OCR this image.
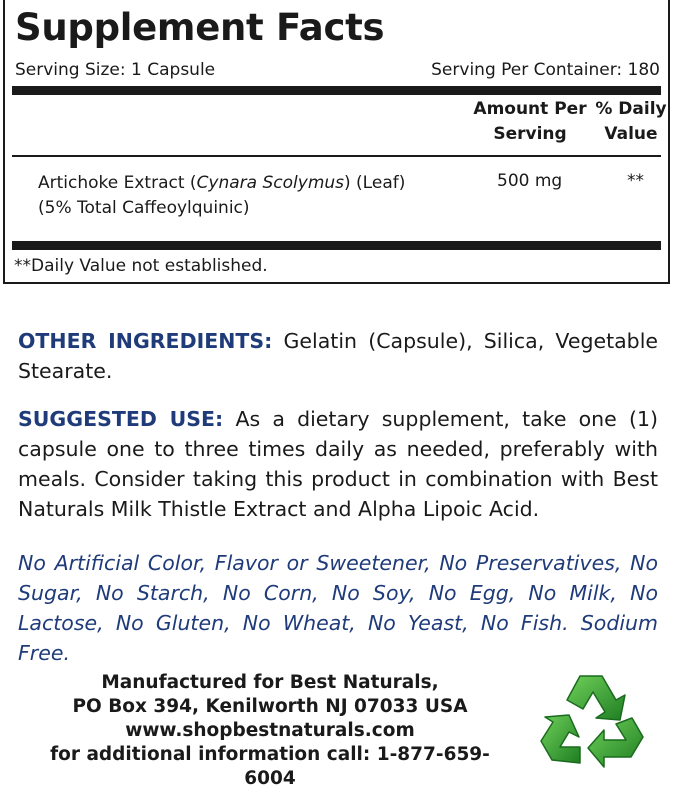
Supplement Facts
Serving Size: 1 Capsule	Serving Per Container: 180
Amount Per
Serving
% Daily
Value
Artichoke Extract (Cynara Scolymus) (Leaf)
(5% Total Caffeoylquinic)
500 mg	**
**Daily Value not established.
OTHER INGREDIENTS: Gelatin (Capsule), Silica, Vegetable Stearate.
SUGGESTED USE: As a dietary supplement, take one (1) capsule one to three times daily as needed, preferably with meals. Consider taking this product in combination with Best Naturals Milk Thistle Extract and Alpha Lipoic Acid.
No Artificial Color, Flavor or Sweetener, No Preservatives, No Sugar, No Starch, No Corn, No Soy, No Egg, No Milk, No Lactose, No Gluten, No Wheat, No Yeast, No Fish. Sodium Free.
Manufactured for Best Naturals,
PO Box 394, Kenilworth NJ 07033 USA
www.shopbestnaturals.com
for additional information call: 1-877-659-6004
